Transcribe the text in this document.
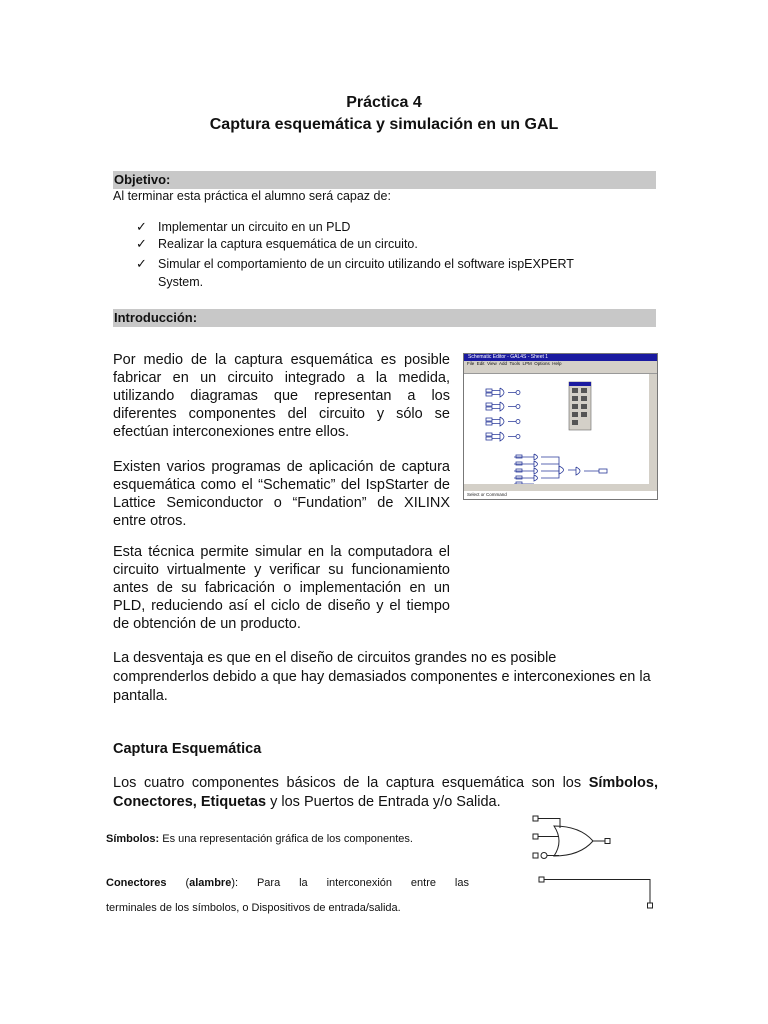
Práctica 4
Captura esquemática y simulación en un GAL
Objetivo:
Al terminar esta práctica el alumno será capaz de:
✓ Implementar un circuito en un PLD
✓ Realizar la captura esquemática de un circuito.
✓ Simular el comportamiento de un circuito utilizando el software ispEXPERT
System.
Introducción:
Por medio de la captura esquemática es posible fabricar en un circuito integrado a la medida, utilizando diagramas que representan a los diferentes componentes del circuito y sólo se efectúan interconexiones entre ellos.
Existen varios programas de aplicación de captura esquemática como el “Schematic” del IspStarter de Lattice Semiconductor o “Fundation” de XILINX entre otros.
Esta técnica permite simular en la computadora el circuito virtualmente y verificar su funcionamiento antes de su fabricación o implementación en un PLD, reduciendo así el ciclo de diseño y el tiempo de obtención de un producto.
La desventaja es que en el diseño de circuitos grandes no es posible comprenderlos debido a que hay demasiados componentes e interconexiones en la pantalla.
Schematic Editor - GAL4S - Sheet 1
File Edit View Add Tools LPM Options Help
Select or Command
Captura Esquemática
Los cuatro componentes básicos de la captura esquemática son los Símbolos, Conectores, Etiquetas y los Puertos de Entrada y/o Salida.
Símbolos: Es una representación gráfica de los componentes.
Conectores (alambre): Para la interconexión entre las
terminales de los símbolos, o Dispositivos de entrada/salida.
